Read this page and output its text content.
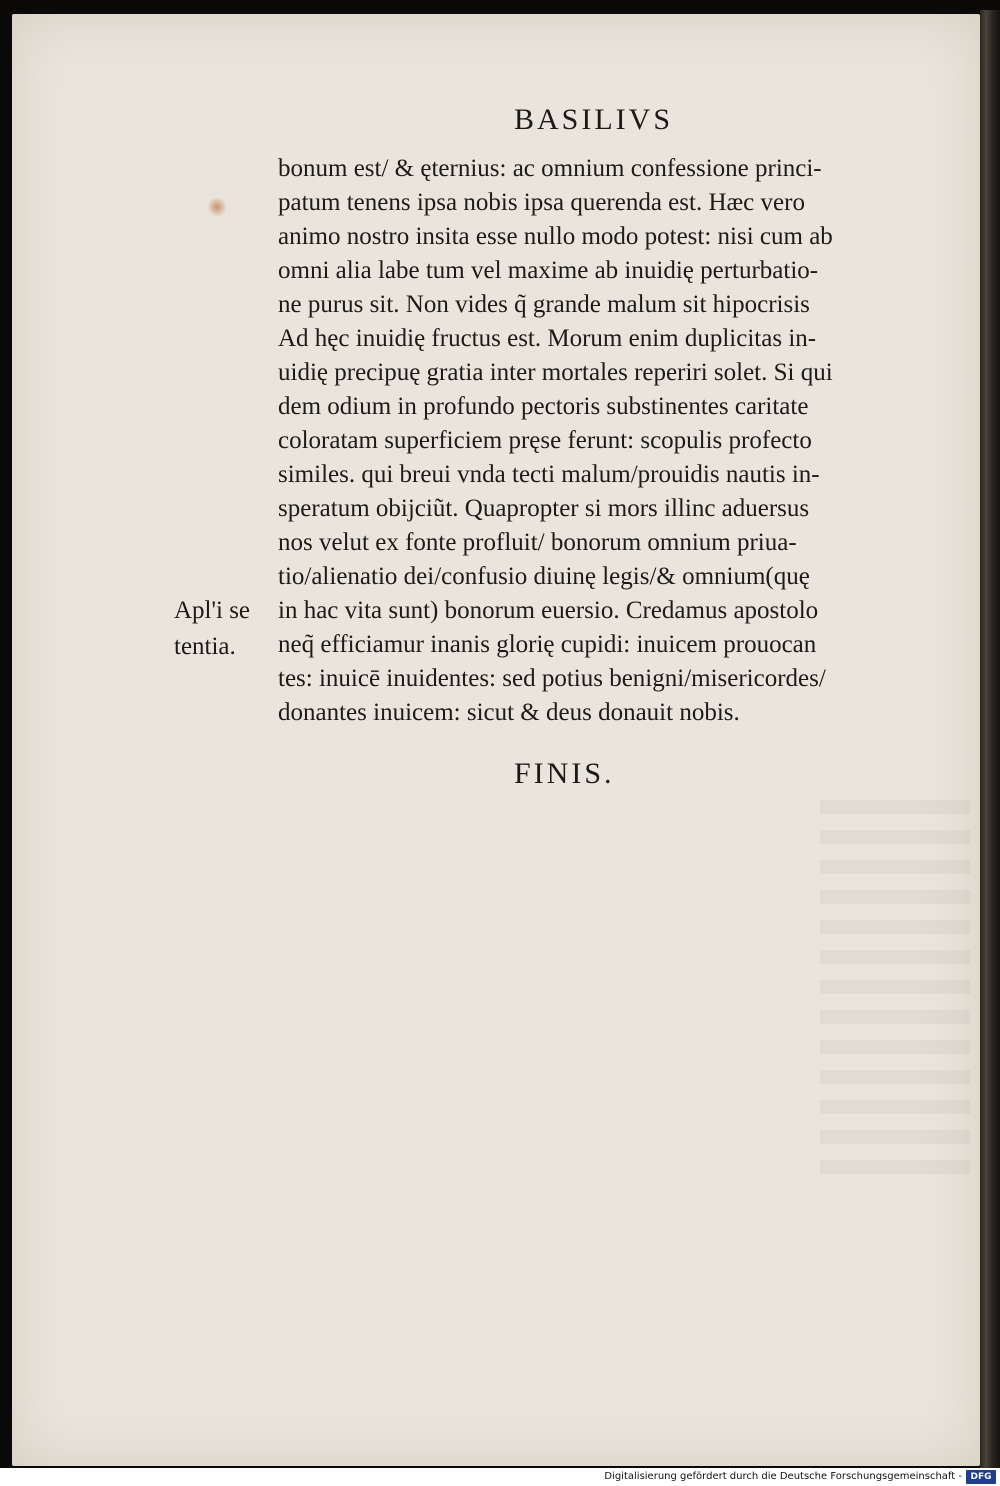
BASILIVS
bonum est/ & ęternius: ac omnium confessione princi-
patum tenens ipsa nobis ipsa querenda est. Hæc vero
animo nostro insita esse nullo modo potest: nisi cum ab
omni alia labe tum vel maxime ab inuidię perturbatio-
ne purus sit. Non vides q̃ grande malum sit hipocrisis
Ad hęc inuidię fructus est. Morum enim duplicitas in-
uidię precipuę gratia inter mortales reperiri solet. Si qui
dem odium in profundo pectoris substinentes caritate
coloratam superficiem pręse ferunt: scopulis profecto
similes. qui breui vnda tecti malum/prouidis nautis in-
speratum obijciũt. Quapropter si mors illinc aduersus
nos velut ex fonte profluit/ bonorum omnium priua-
tio/alienatio dei/confusio diuinę legis/& omnium(quę
in hac vita sunt) bonorum euersio. Credamus apostolo
neq̃ efficiamur inanis glorię cupidi: inuicem prouocan
tes: inuicē inuidentes: sed potius benigni/misericordes/
donantes inuicem: sicut & deus donauit nobis.
Apl'i se
tentia.
FINIS.
Digitalisierung gefördert durch die Deutsche Forschungsgemeinschaft - DFG
